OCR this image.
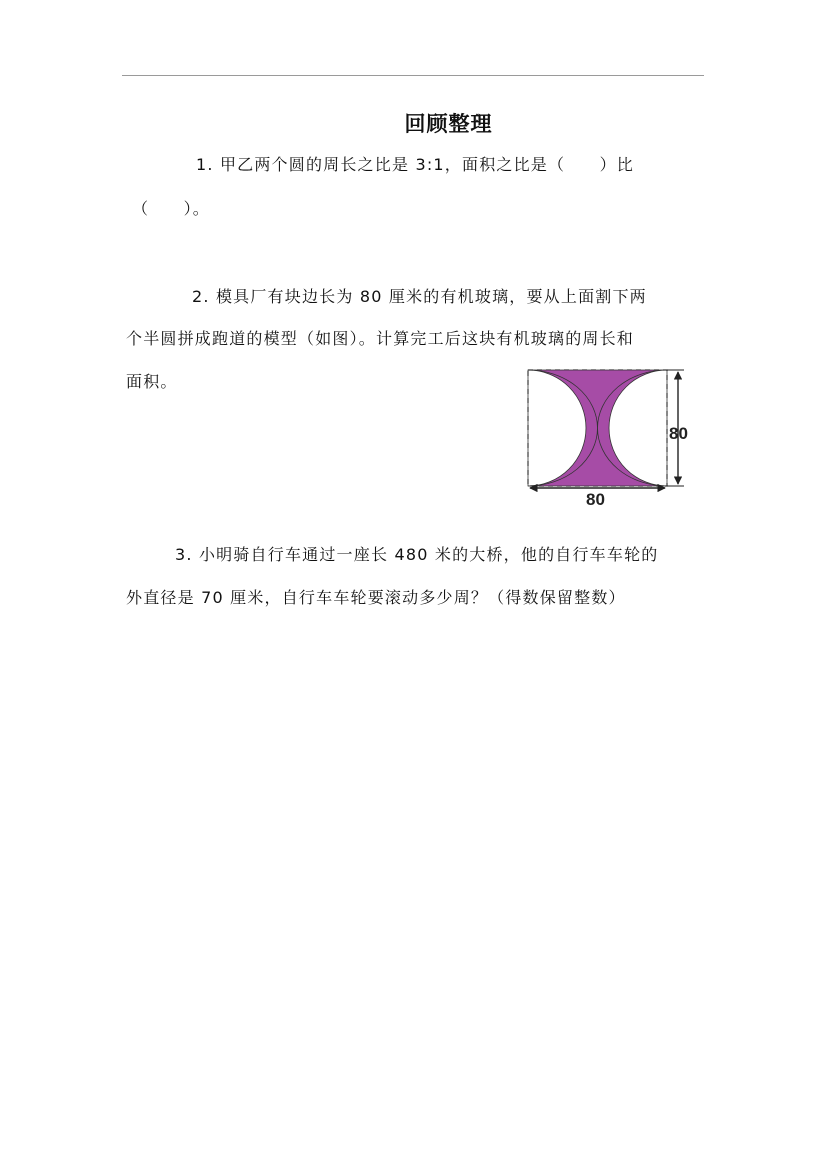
回顾整理
1. 甲乙两个圆的周长之比是 3:1，面积之比是（　　）比
（　　）。
2. 模具厂有块边长为 80 厘米的有机玻璃，要从上面割下两
个半圆拼成跑道的模型（如图）。计算完工后这块有机玻璃的周长和
面积。
80
80
3. 小明骑自行车通过一座长 480 米的大桥，他的自行车车轮的
外直径是 70 厘米，自行车车轮要滚动多少周？（得数保留整数）
